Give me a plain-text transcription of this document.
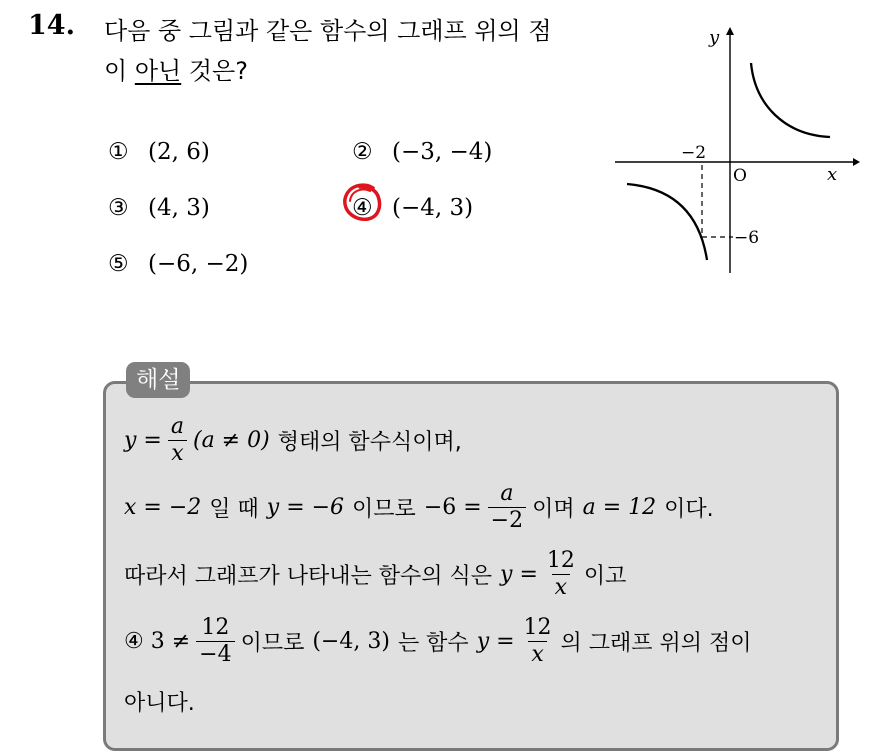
14. 다음 중 그림과 같은 함수의 그래프 위의 점
이 아닌 것은?
① (2, 6)	② (−3, −4)
③ (4, 3)	④ (−4, 3)
⑤ (−6, −2)
y
x
O
−2
−6
해설
$y = \frac{a}{x} (a \ne 0)$ 형태의 함수식이며,
x = −2 일 때 y = −6 이므로 $-6 = \frac{a}{-2}$ 이며 a = 12 이다.
따라서 그래프가 나타내는 함수의 식은 $y = \frac{12}{x}$ 이고
④ $3 \ne \frac{12}{-4}$ 이므로 (−4, 3) 는 함수 $y = \frac{12}{x}$ 의 그래프 위의 점이
아니다.
